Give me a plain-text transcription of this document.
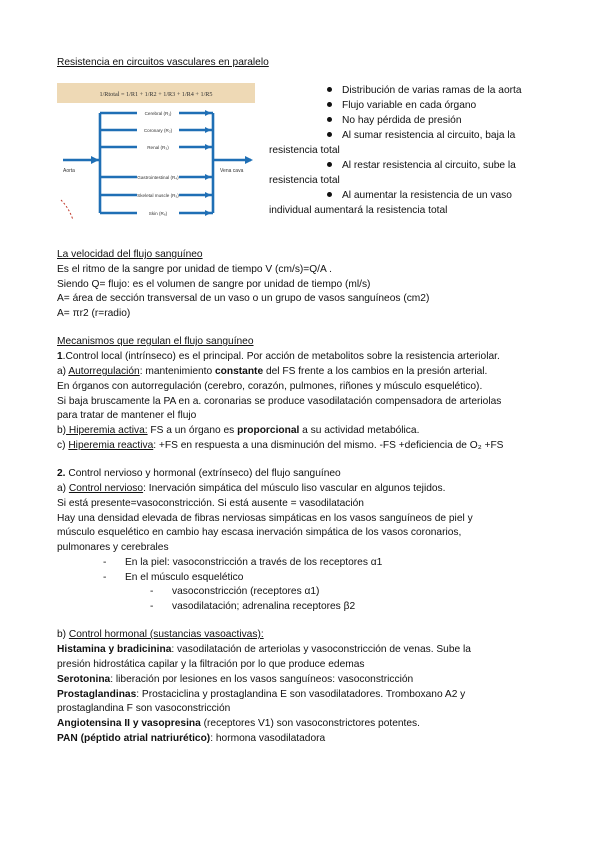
Resistencia en circuitos vasculares en paralelo
1/Rtotal = 1/R1 + 1/R2 + 1/R3 + 1/R4 + 1/R5
Cerebral (R₁)
Coronary (R₂)
Renal (R₃)
Gastrointestinal (R₄)
Skeletal muscle (R₅)
Skin (R₆)
Aorta	Vena cava
Distribución de varias ramas de la aorta
Flujo variable en cada órgano
No hay pérdida de presión
Al sumar resistencia al circuito, baja la
resistencia total
Al restar resistencia al circuito, sube la
resistencia total
Al aumentar la resistencia de un vaso
individual aumentará la resistencia total
La velocidad del flujo sanguíneo
Es el ritmo de la sangre por unidad de tiempo V (cm/s)=Q/A .
Siendo Q= flujo: es el volumen de sangre por unidad de tiempo (ml/s)
A= área de sección transversal de un vaso o un grupo de vasos sanguíneos (cm2)
A= πr2 (r=radio)
Mecanismos que regulan el flujo sanguíneo
1.Control local (intrínseco) es el principal. Por acción de metabolitos sobre la resistencia arteriolar.
a) Autorregulación: mantenimiento constante del FS frente a los cambios en la presión arterial.
En órganos con autorregulación (cerebro, corazón, pulmones, riñones y músculo esquelético).
Si baja bruscamente la PA en a. coronarias se produce vasodilatación compensadora de arteriolas
para tratar de mantener el flujo
b) Hiperemia activa: FS a un órgano es proporcional a su actividad metabólica.
c) Hiperemia reactiva: +FS en respuesta a una disminución del mismo. -FS +deficiencia de O₂ +FS
2. Control nervioso y hormonal (extrínseco) del flujo sanguíneo
a) Control nervioso: Inervación simpática del músculo liso vascular en algunos tejidos.
Si está presente=vasoconstricción. Si está ausente = vasodilatación
Hay una densidad elevada de fibras nerviosas simpáticas en los vasos sanguíneos de piel y
músculo esquelético en cambio hay escasa inervación simpática de los vasos coronarios,
pulmonares y cerebrales
- En la piel: vasoconstricción a través de los receptores α1
- En el músculo esquelético
- vasoconstricción (receptores α1)
- vasodilatación; adrenalina receptores β2
b) Control hormonal (sustancias vasoactivas):
Histamina y bradicinina: vasodilatación de arteriolas y vasoconstricción de venas. Sube la
presión hidrostática capilar y la filtración por lo que produce edemas
Serotonina: liberación por lesiones en los vasos sanguíneos: vasoconstricción
Prostaglandinas: Prostaciclina y prostaglandina E son vasodilatadores. Tromboxano A2 y
prostaglandina F son vasoconstricción
Angiotensina II y vasopresina (receptores V1) son vasoconstrictores potentes.
PAN (péptido atrial natriurético): hormona vasodilatadora
